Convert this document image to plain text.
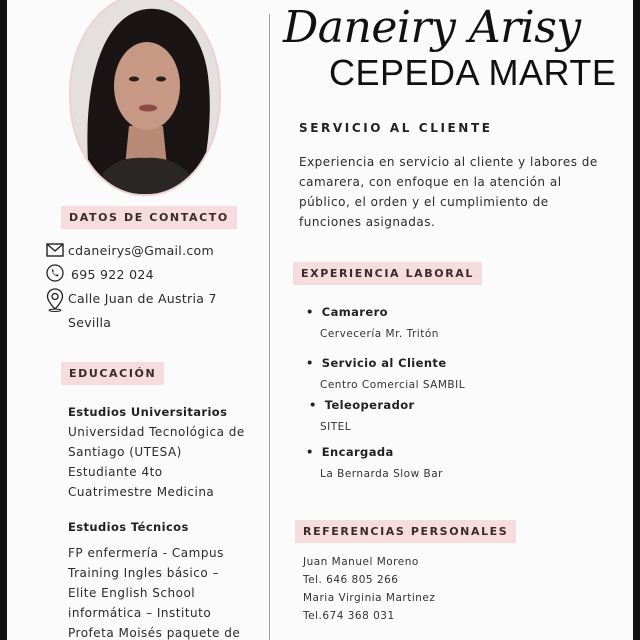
DATOS DE CONTACTO
cdaneirys@Gmail.com
695 922 024
Calle Juan de Austria 7
Sevilla
EDUCACIÓN
Estudios Universitarios
Universidad Tecnológica de
Santiago (UTESA)
Estudiante 4to
Cuatrimestre Medicina
Estudios Técnicos
FP enfermería - Campus
Training Ingles básico –
Elite English School
informática – Instituto
Profeta Moisés paquete de
Daneiry Arisy
CEPEDA MARTE
SERVICIO AL CLIENTE
Experiencia en servicio al cliente y labores de camarera, con enfoque en la atención al público, el orden y el cumplimiento de funciones asignadas.
EXPERIENCIA LABORAL
• Camarero
Cervecería Mr. Tritón
• Servicio al Cliente
Centro Comercial SAMBIL
• Teleoperador
SITEL
• Encargada
La Bernarda Slow Bar
REFERENCIAS PERSONALES
Juan Manuel Moreno
Tel. 646 805 266
Maria Virginia Martinez
Tel.674 368 031
